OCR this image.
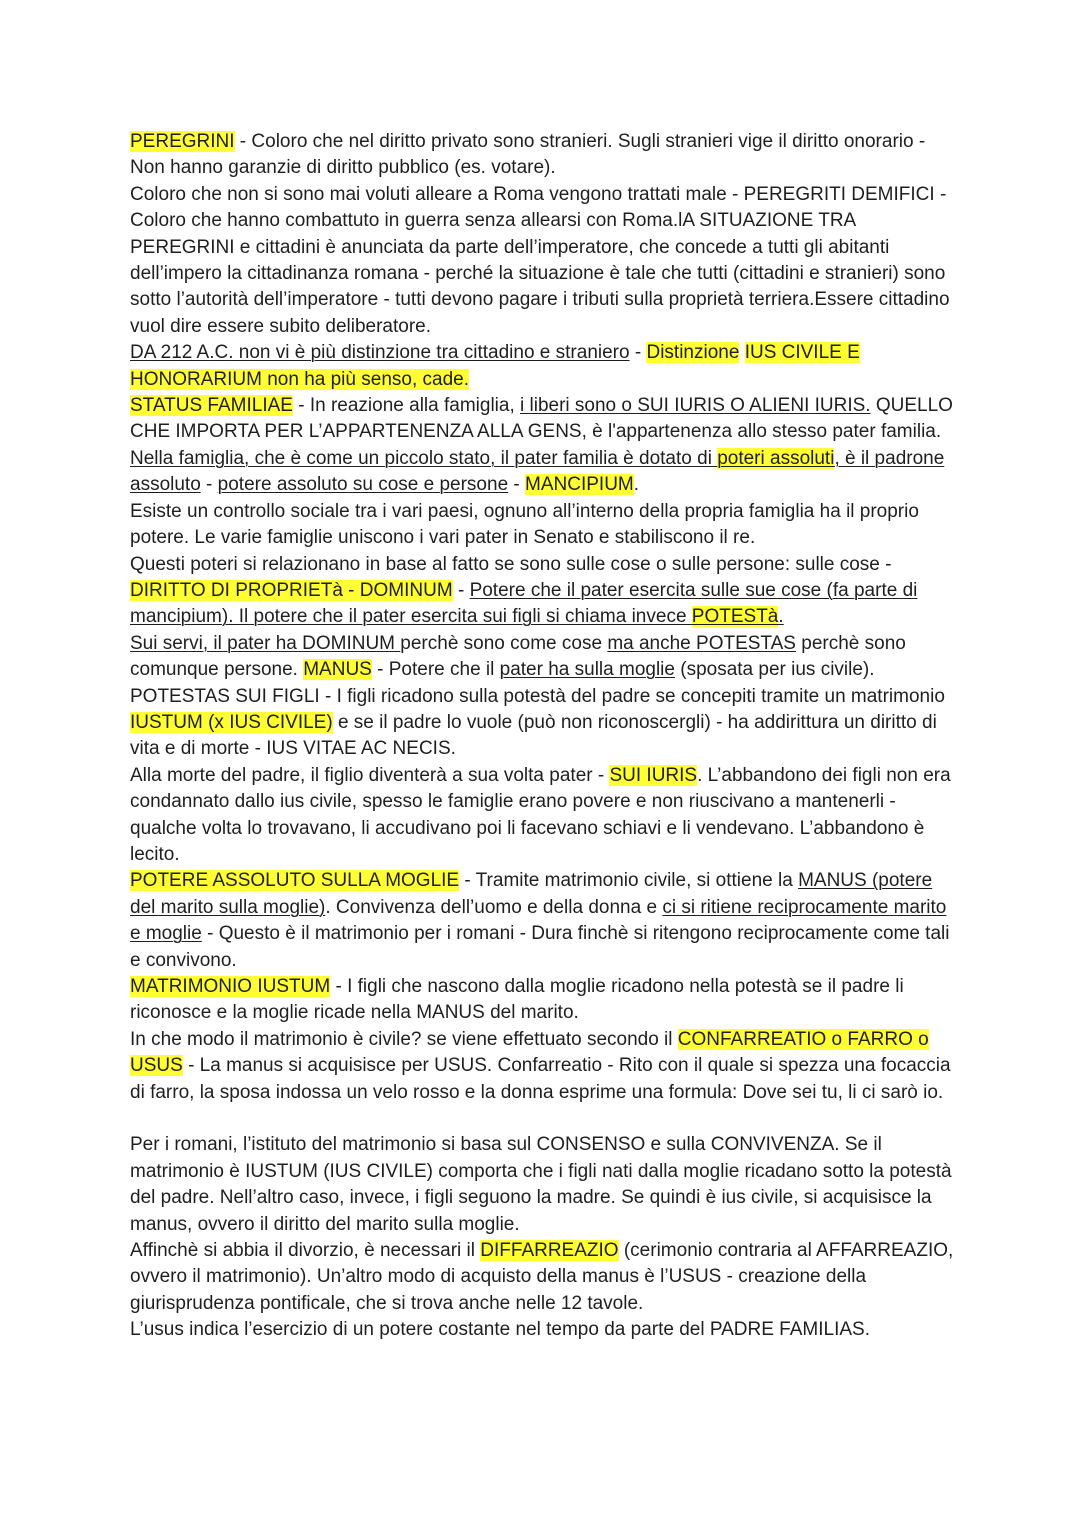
PEREGRINI - Coloro che nel diritto privato sono stranieri. Sugli stranieri vige il diritto onorario - Non hanno garanzie di diritto pubblico (es. votare).

Coloro che non si sono mai voluti alleare a Roma vengono trattati male - PEREGRITI DEMIFICI - Coloro che hanno combattuto in guerra senza allearsi con Roma.lA SITUAZIONE TRA PEREGRINI e cittadini è anunciata da parte dell’imperatore, che concede a tutti gli abitanti dell’impero la cittadinanza romana - perché la situazione è tale che tutti (cittadini e stranieri) sono sotto l’autorità dell’imperatore - tutti devono pagare i tributi sulla proprietà terriera.Essere cittadino vuol dire essere subito deliberatore.

DA 212 A.C. non vi è più distinzione tra cittadino e straniero - Distinzione IUS CIVILE E HONORARIUM non ha più senso, cade.

STATUS FAMILIAE - In reazione alla famiglia, i liberi sono o SUI IURIS O ALIENI IURIS. QUELLO CHE IMPORTA PER L’APPARTENENZA ALLA GENS, è l'appartenenza allo stesso pater familia. Nella famiglia, che è come un piccolo stato, il pater familia è dotato di poteri assoluti, è il padrone assoluto - potere assoluto su cose e persone - MANCIPIUM.

Esiste un controllo sociale tra i vari paesi, ognuno all’interno della propria famiglia ha il proprio potere. Le varie famiglie uniscono i vari pater in Senato e stabiliscono il re.

Questi poteri si relazionano in base al fatto se sono sulle cose o sulle persone: sulle cose - DIRITTO DI PROPRIETà - DOMINUM - Potere che il pater esercita sulle sue cose (fa parte di mancipium). Il potere che il pater esercita sui figli si chiama invece POTESTà.

Sui servi, il pater ha DOMINUM perchè sono come cose ma anche POTESTAS perchè sono comunque persone. MANUS - Potere che il pater ha sulla moglie (sposata per ius civile).

POTESTAS SUI FIGLI - I figli ricadono sulla potestà del padre se concepiti tramite un matrimonio IUSTUM (x IUS CIVILE) e se il padre lo vuole (può non riconoscergli) - ha addirittura un diritto di vita e di morte - IUS VITAE AC NECIS.

Alla morte del padre, il figlio diventerà a sua volta pater - SUI IURIS. L’abbandono dei figli non era condannato dallo ius civile, spesso le famiglie erano povere e non riuscivano a mantenerli - qualche volta lo trovavano, li accudivano poi li facevano schiavi e li vendevano. L’abbandono è lecito.

POTERE ASSOLUTO SULLA MOGLIE - Tramite matrimonio civile, si ottiene la MANUS (potere del marito sulla moglie). Convivenza dell’uomo e della donna e ci si ritiene reciprocamente marito e moglie - Questo è il matrimonio per i romani - Dura finchè si ritengono reciprocamente come tali e convivono.

MATRIMONIO IUSTUM - I figli che nascono dalla moglie ricadono nella potestà se il padre li riconosce e la moglie ricade nella MANUS del marito.

In che modo il matrimonio è civile? se viene effettuato secondo il CONFARREATIO o FARRO o USUS - La manus si acquisisce per USUS. Confarreatio - Rito con il quale si spezza una focaccia di farro, la sposa indossa un velo rosso e la donna esprime una formula: Dove sei tu, li ci sarò io.

Per i romani, l’istituto del matrimonio si basa sul CONSENSO e sulla CONVIVENZA. Se il matrimonio è IUSTUM (IUS CIVILE) comporta che i figli nati dalla moglie ricadano sotto la potestà del padre. Nell’altro caso, invece, i figli seguono la madre. Se quindi è ius civile, si acquisisce la manus, ovvero il diritto del marito sulla moglie.

Affinchè si abbia il divorzio, è necessari il DIFFARREAZIO (cerimonio contraria al AFFARREAZIO, ovvero il matrimonio). Un’altro modo di acquisto della manus è l’USUS - creazione della giurisprudenza pontificale, che si trova anche nelle 12 tavole.

L’usus indica l’esercizio di un potere costante nel tempo da parte del PADRE FAMILIAS.
